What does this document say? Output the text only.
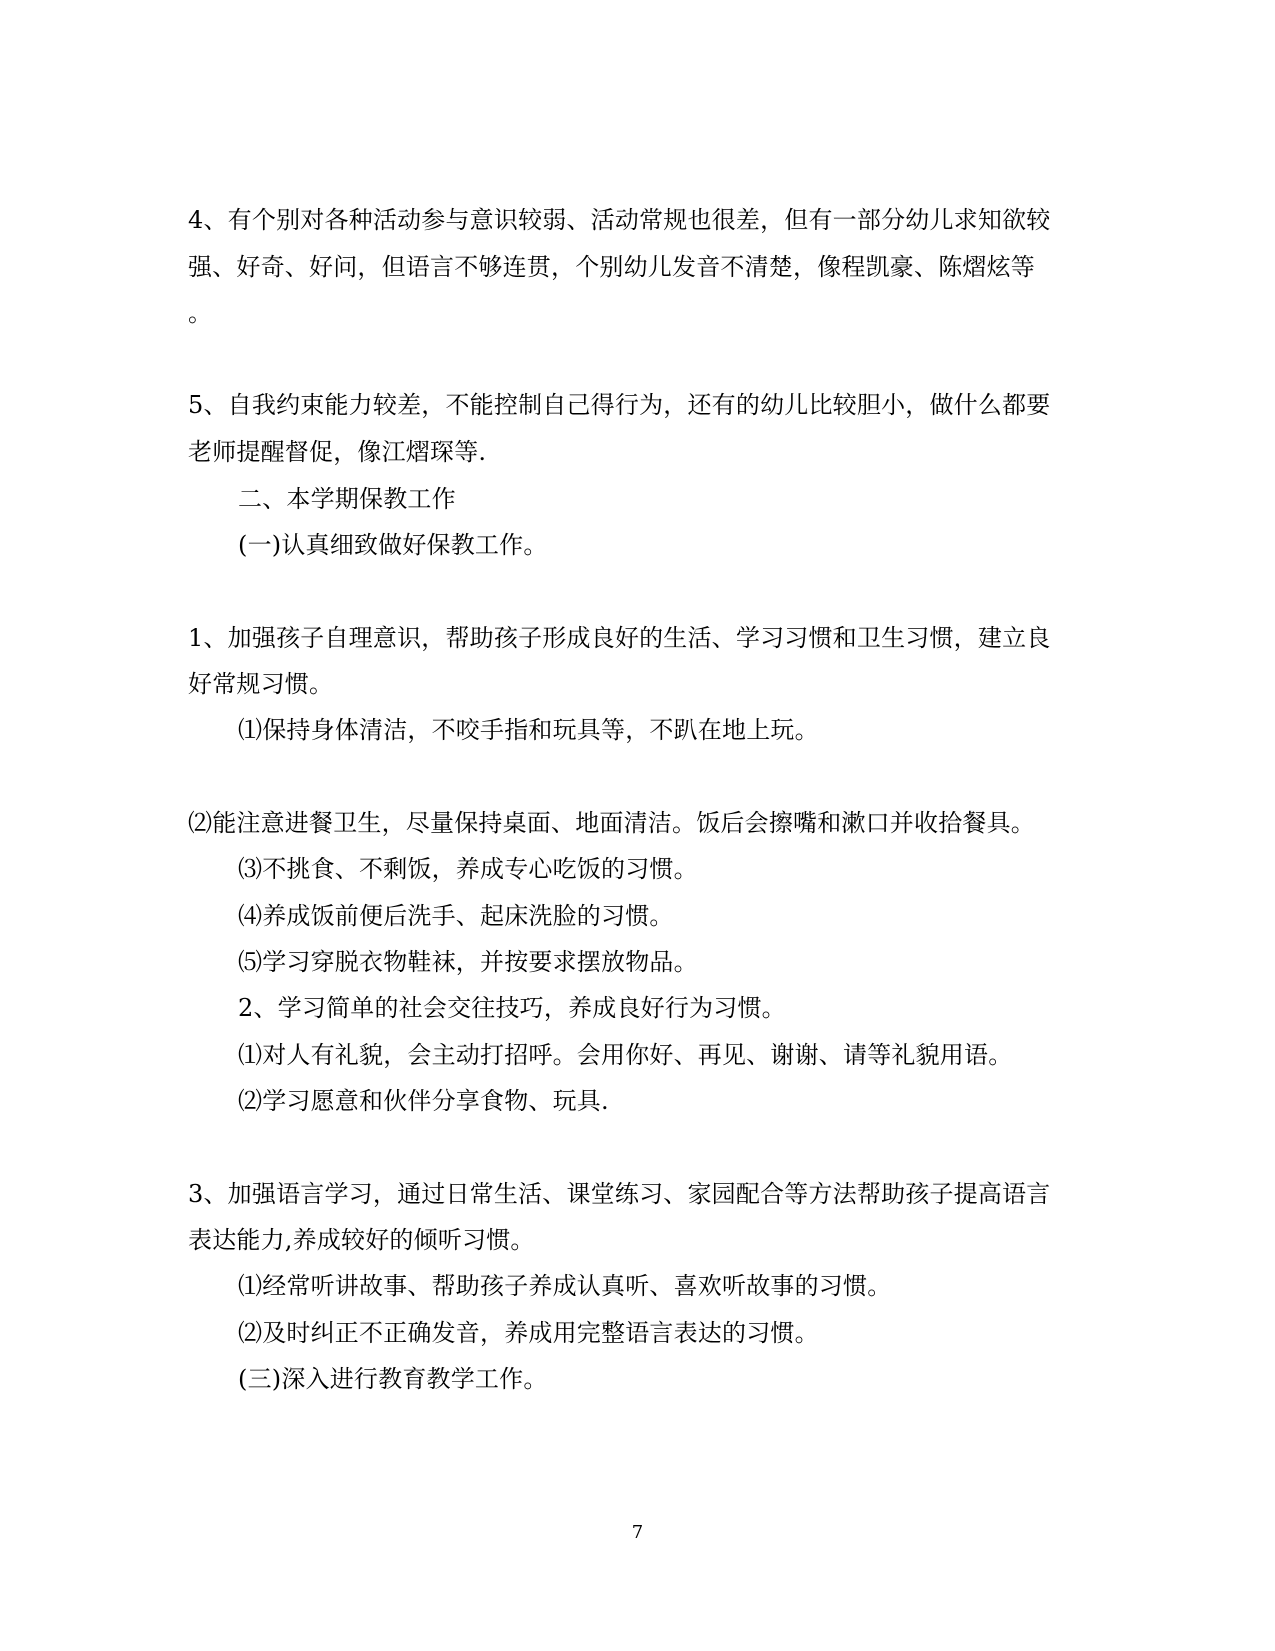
4、有个别对各种活动参与意识较弱、活动常规也很差，但有一部分幼儿求知欲较
强、好奇、好问，但语言不够连贯，个别幼儿发音不清楚，像程凯豪、陈熠炫等
。
5、自我约束能力较差，不能控制自己得行为，还有的幼儿比较胆小，做什么都要
老师提醒督促，像江熠琛等.
二、本学期保教工作
(一)认真细致做好保教工作。
1、加强孩子自理意识，帮助孩子形成良好的生活、学习习惯和卫生习惯，建立良
好常规习惯。
⑴保持身体清洁，不咬手指和玩具等，不趴在地上玩。
⑵能注意进餐卫生，尽量保持桌面、地面清洁。饭后会擦嘴和漱口并收拾餐具。
⑶不挑食、不剩饭，养成专心吃饭的习惯。
⑷养成饭前便后洗手、起床洗脸的习惯。
⑸学习穿脱衣物鞋袜，并按要求摆放物品。
2、学习简单的社会交往技巧，养成良好行为习惯。
⑴对人有礼貌，会主动打招呼。会用你好、再见、谢谢、请等礼貌用语。
⑵学习愿意和伙伴分享食物、玩具.
3、加强语言学习，通过日常生活、课堂练习、家园配合等方法帮助孩子提高语言
表达能力,养成较好的倾听习惯。
⑴经常听讲故事、帮助孩子养成认真听、喜欢听故事的习惯。
⑵及时纠正不正确发音，养成用完整语言表达的习惯。
(三)深入进行教育教学工作。
7
